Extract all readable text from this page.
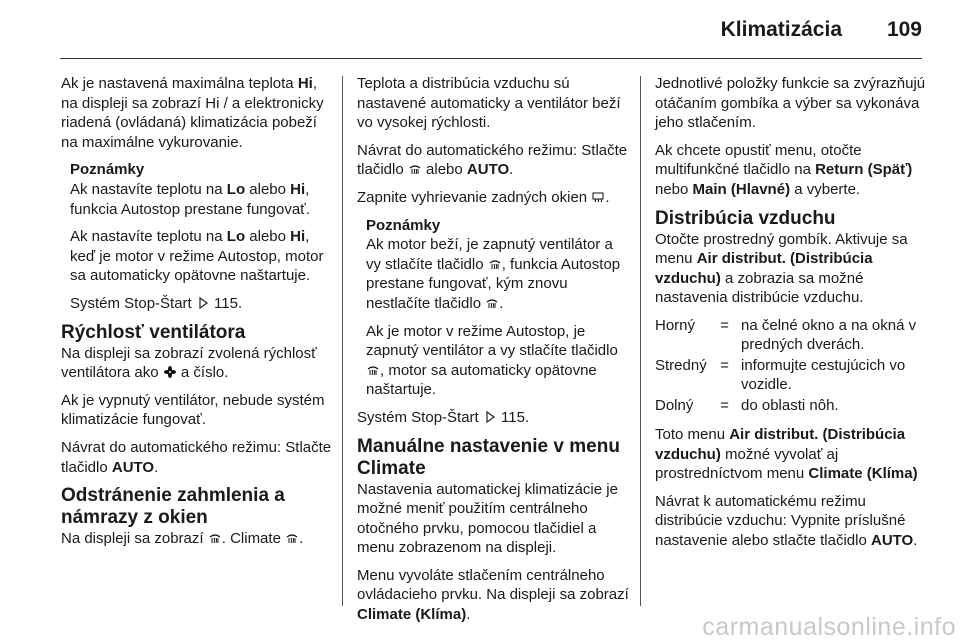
Klimatizácia 109

Ak je nastavená maximálna teplota Hi, na displeji sa zobrazí Hi / a elektronicky riadená (ovládaná) klimatizácia pobeží na maximálne vykurovanie.

Poznámky

Ak nastavíte teplotu na Lo alebo Hi, funkcia Autostop prestane fungovať.

Ak nastavíte teplotu na Lo alebo Hi, keď je motor v režime Autostop, motor sa automaticky opätovne naštartuje.

Systém Stop-Štart  115.

Rýchlosť ventilátora

Na displeji sa zobrazí zvolená rýchlosť ventilátora ako  a číslo.

Ak je vypnutý ventilátor, nebude systém klimatizácie fungovať.

Návrat do automatického režimu: Stlačte tlačidlo AUTO.

Odstránenie zahmlenia a námrazy z okien

Na displeji sa zobrazí . Climate .

Teplota a distribúcia vzduchu sú nastavené automaticky a ventilátor beží vo vysokej rýchlosti.

Návrat do automatického režimu: Stlačte tlačidlo  alebo AUTO.

Zapnite vyhrievanie zadných okien .

Poznámky

Ak motor beží, je zapnutý ventilátor a vy stlačíte tlačidlo , funkcia Autostop prestane fungovať, kým znovu nestlačíte tlačidlo .

Ak je motor v režime Autostop, je zapnutý ventilátor a vy stlačíte tlačidlo , motor sa automaticky opätovne naštartuje.

Systém Stop-Štart  115.

Manuálne nastavenie v menu Climate

Nastavenia automatickej klimatizácie je možné meniť použitím centrálneho otočného prvku, pomocou tlačidiel a menu zobrazenom na displeji.

Menu vyvoláte stlačením centrálneho ovládacieho prvku. Na displeji sa zobrazí Climate (Klíma).

Jednotlivé položky funkcie sa zvýrazňujú otáčaním gombíka a výber sa vykonáva jeho stlačením.

Ak chcete opustiť menu, otočte multifunkčné tlačidlo na Return (Späť) nebo Main (Hlavné) a vyberte.

Distribúcia vzduchu

Otočte prostredný gombík. Aktivuje sa menu Air distribut. (Distribúcia vzduchu) a zobrazia sa možné nastavenia distribúcie vzduchu.

Horný	=	na čelné okno a na okná v predných dverách.
Stredný	=	informujte cestujúcich vo vozidle.
Dolný	=	do oblasti nôh.

Toto menu Air distribut. (Distribúcia vzduchu) možné vyvolať aj prostredníctvom menu Climate (Klíma)

Návrat k automatickému režimu distribúcie vzduchu: Vypnite príslušné nastavenie alebo stlačte tlačidlo AUTO.

carmanualsonline.info
